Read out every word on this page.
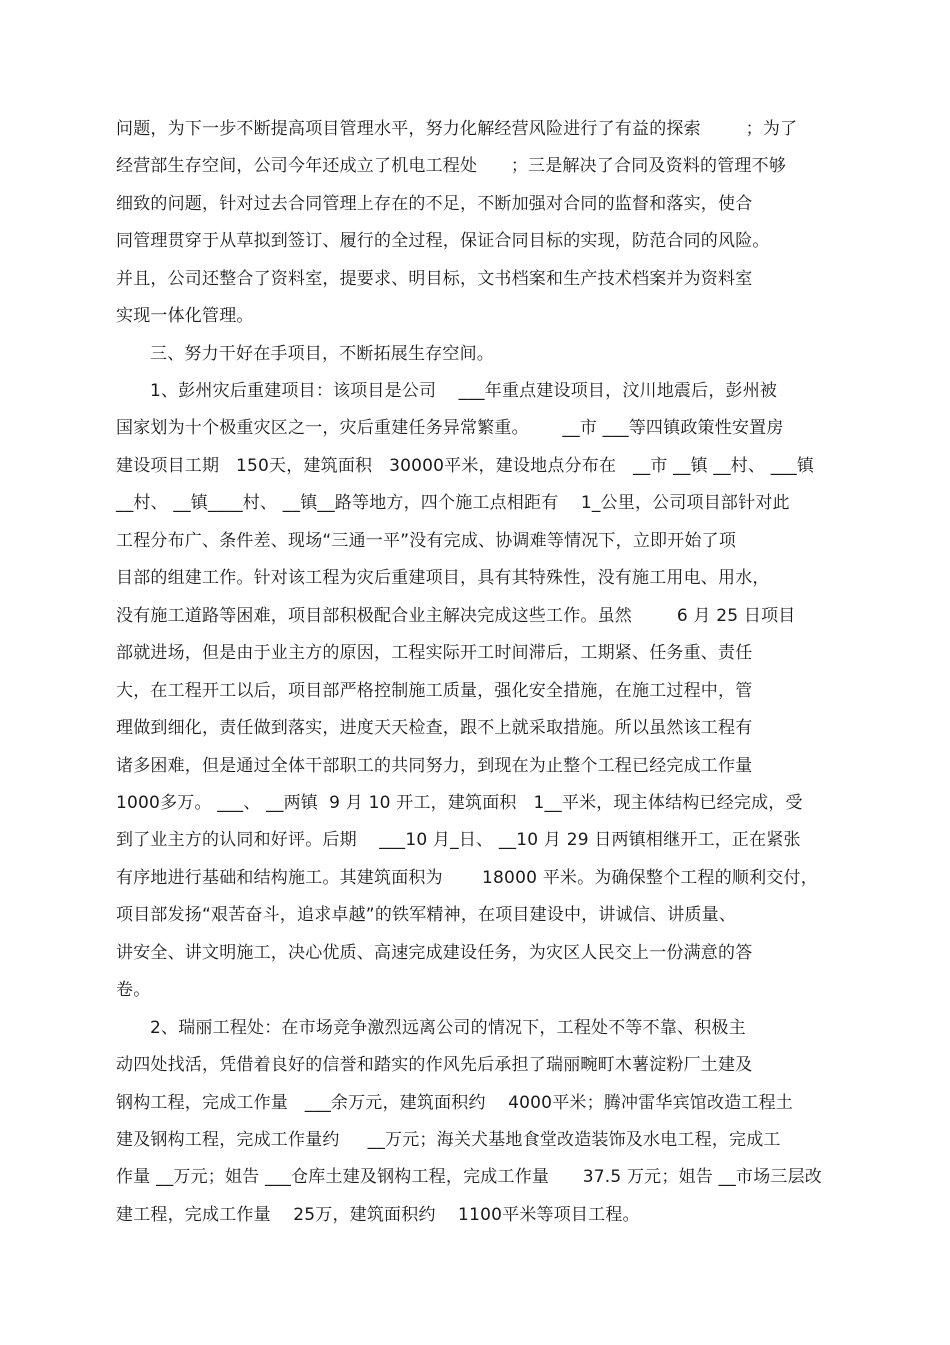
问题，为下一步不断提高项目管理水平，努力化解经营风险进行了有益的探索        ；为了
经营部生存空间，公司今年还成立了机电工程处      ；三是解决了合同及资料的管理不够
细致的问题，针对过去合同管理上存在的不足，不断加强对合同的监督和落实，使合
同管理贯穿于从草拟到签订、履行的全过程，保证合同目标的实现，防范合同的风险。
并且，公司还整合了资料室，提要求、明目标，文书档案和生产技术档案并为资料室
实现一体化管理。
三、努力干好在手项目，不断拓展生存空间。
1、彭州灾后重建项目：该项目是公司    ___年重点建设项目，汶川地震后，彭州被
国家划为十个极重灾区之一，灾后重建任务异常繁重。      __市 ___等四镇政策性安置房
建设项目工期   150天，建筑面积   30000平米，建设地点分布在   __市 __镇 __村、 ___镇
__村、 __镇____村、 __镇__路等地方，四个施工点相距有    1_公里，公司项目部针对此
工程分布广、条件差、现场“三通一平”没有完成、协调难等情况下，立即开始了项
目部的组建工作。针对该工程为灾后重建项目，具有其特殊性，没有施工用电、用水，
没有施工道路等困难，项目部积极配合业主解决完成这些工作。虽然        6 月 25 日项目
部就进场，但是由于业主方的原因，工程实际开工时间滞后，工期紧、任务重、责任
大，在工程开工以后，项目部严格控制施工质量，强化安全措施，在施工过程中，管
理做到细化，责任做到落实，进度天天检查，跟不上就采取措施。所以虽然该工程有
诸多困难，但是通过全体干部职工的共同努力，到现在为止整个工程已经完成工作量
1000多万。 ___、 __两镇  9 月 10 开工，建筑面积   1__平米，现主体结构已经完成，受
到了业主方的认同和好评。后期    ___10 月_日、 __10 月 29 日两镇相继开工，正在紧张
有序地进行基础和结构施工。其建筑面积为       18000 平米。为确保整个工程的顺利交付，
项目部发扬“艰苦奋斗，追求卓越”的铁军精神，在项目建设中，讲诚信、讲质量、
讲安全、讲文明施工，决心优质、高速完成建设任务，为灾区人民交上一份满意的答
卷。
2、瑞丽工程处：在市场竞争激烈远离公司的情况下，工程处不等不靠、积极主
动四处找活，凭借着良好的信誉和踏实的作风先后承担了瑞丽畹町木薯淀粉厂土建及
钢构工程，完成工作量   ___余万元，建筑面积约    4000平米；腾冲雷华宾馆改造工程土
建及钢构工程，完成工作量约     __万元；海关犬基地食堂改造装饰及水电工程，完成工
作量 __万元；姐告 ___仓库土建及钢构工程，完成工作量      37.5 万元；姐告 __市场三层改
建工程，完成工作量    25万，建筑面积约    1100平米等项目工程。
